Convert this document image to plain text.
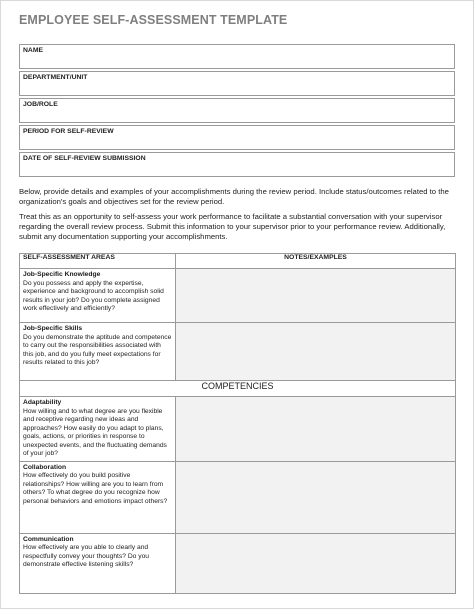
EMPLOYEE SELF-ASSESSMENT TEMPLATE
NAME
DEPARTMENT/UNIT
JOB/ROLE
PERIOD FOR SELF-REVIEW
DATE OF SELF-REVIEW SUBMISSION
Below, provide details and examples of your accomplishments during the review period. Include status/outcomes related to the organization's goals and objectives set for the review period.
Treat this as an opportunity to self-assess your work performance to facilitate a substantial conversation with your supervisor regarding the overall review process. Submit this information to your supervisor prior to your performance review. Additionally, submit any documentation supporting your accomplishments.
SELF-ASSESSMENT AREAS	NOTES/EXAMPLES

Job-Specific Knowledge
Do you possess and apply the expertise, experience and background to accomplish solid results in your job? Do you complete assigned work effectively and efficiently?	

Job-Specific Skills
Do you demonstrate the aptitude and competence to carry out the responsibilities associated with this job, and do you fully meet expectations for results related to this job?	

COMPETENCIES	

Adaptability
How willing and to what degree are you flexible and receptive regarding new ideas and approaches? How easily do you adapt to plans, goals, actions, or priorities in response to unexpected events, and the fluctuating demands of your job?	

Collaboration
How effectively do you build positive relationships? How willing are you to learn from others? To what degree do you recognize how personal behaviors and emotions impact others?	

Communication
How effectively are you able to clearly and respectfully convey your thoughts? Do you demonstrate effective listening skills?	
